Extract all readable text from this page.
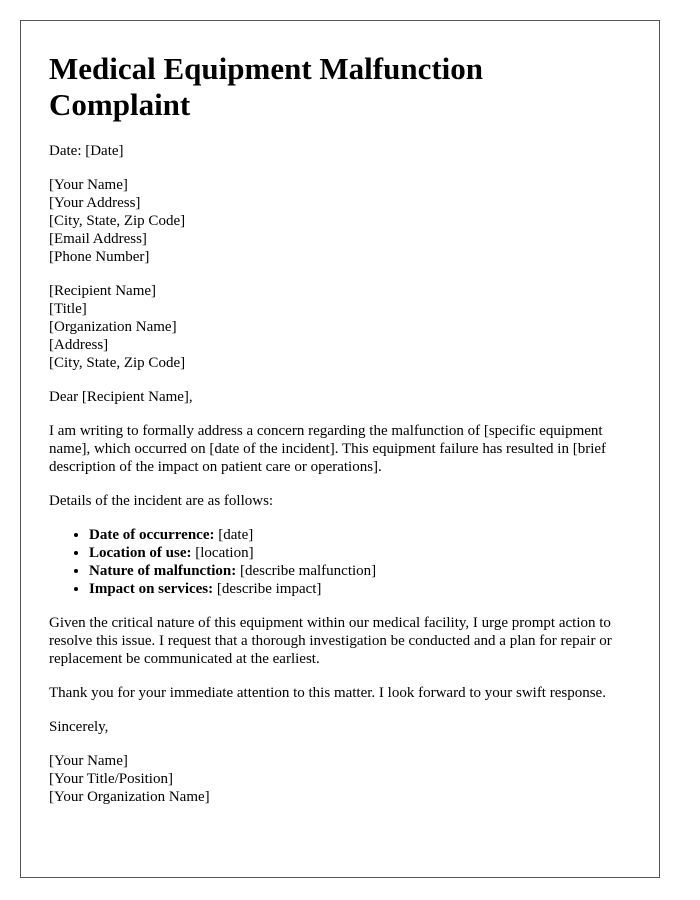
Medical Equipment Malfunction Complaint

Date: [Date]

[Your Name]
[Your Address]
[City, State, Zip Code]
[Email Address]
[Phone Number]
[Recipient Name]
[Title]
[Organization Name]
[Address]
[City, State, Zip Code]

Dear [Recipient Name],

I am writing to formally address a concern regarding the malfunction of [specific equipment name], which occurred on [date of the incident]. This equipment failure has resulted in [brief description of the impact on patient care or operations].

Details of the incident are as follows:

• Date of occurrence: [date]
• Location of use: [location]
• Nature of malfunction: [describe malfunction]
• Impact on services: [describe impact]

Given the critical nature of this equipment within our medical facility, I urge prompt action to resolve this issue. I request that a thorough investigation be conducted and a plan for repair or replacement be communicated at the earliest.

Thank you for your immediate attention to this matter. I look forward to your swift response.

Sincerely,

[Your Name]
[Your Title/Position]
[Your Organization Name]
